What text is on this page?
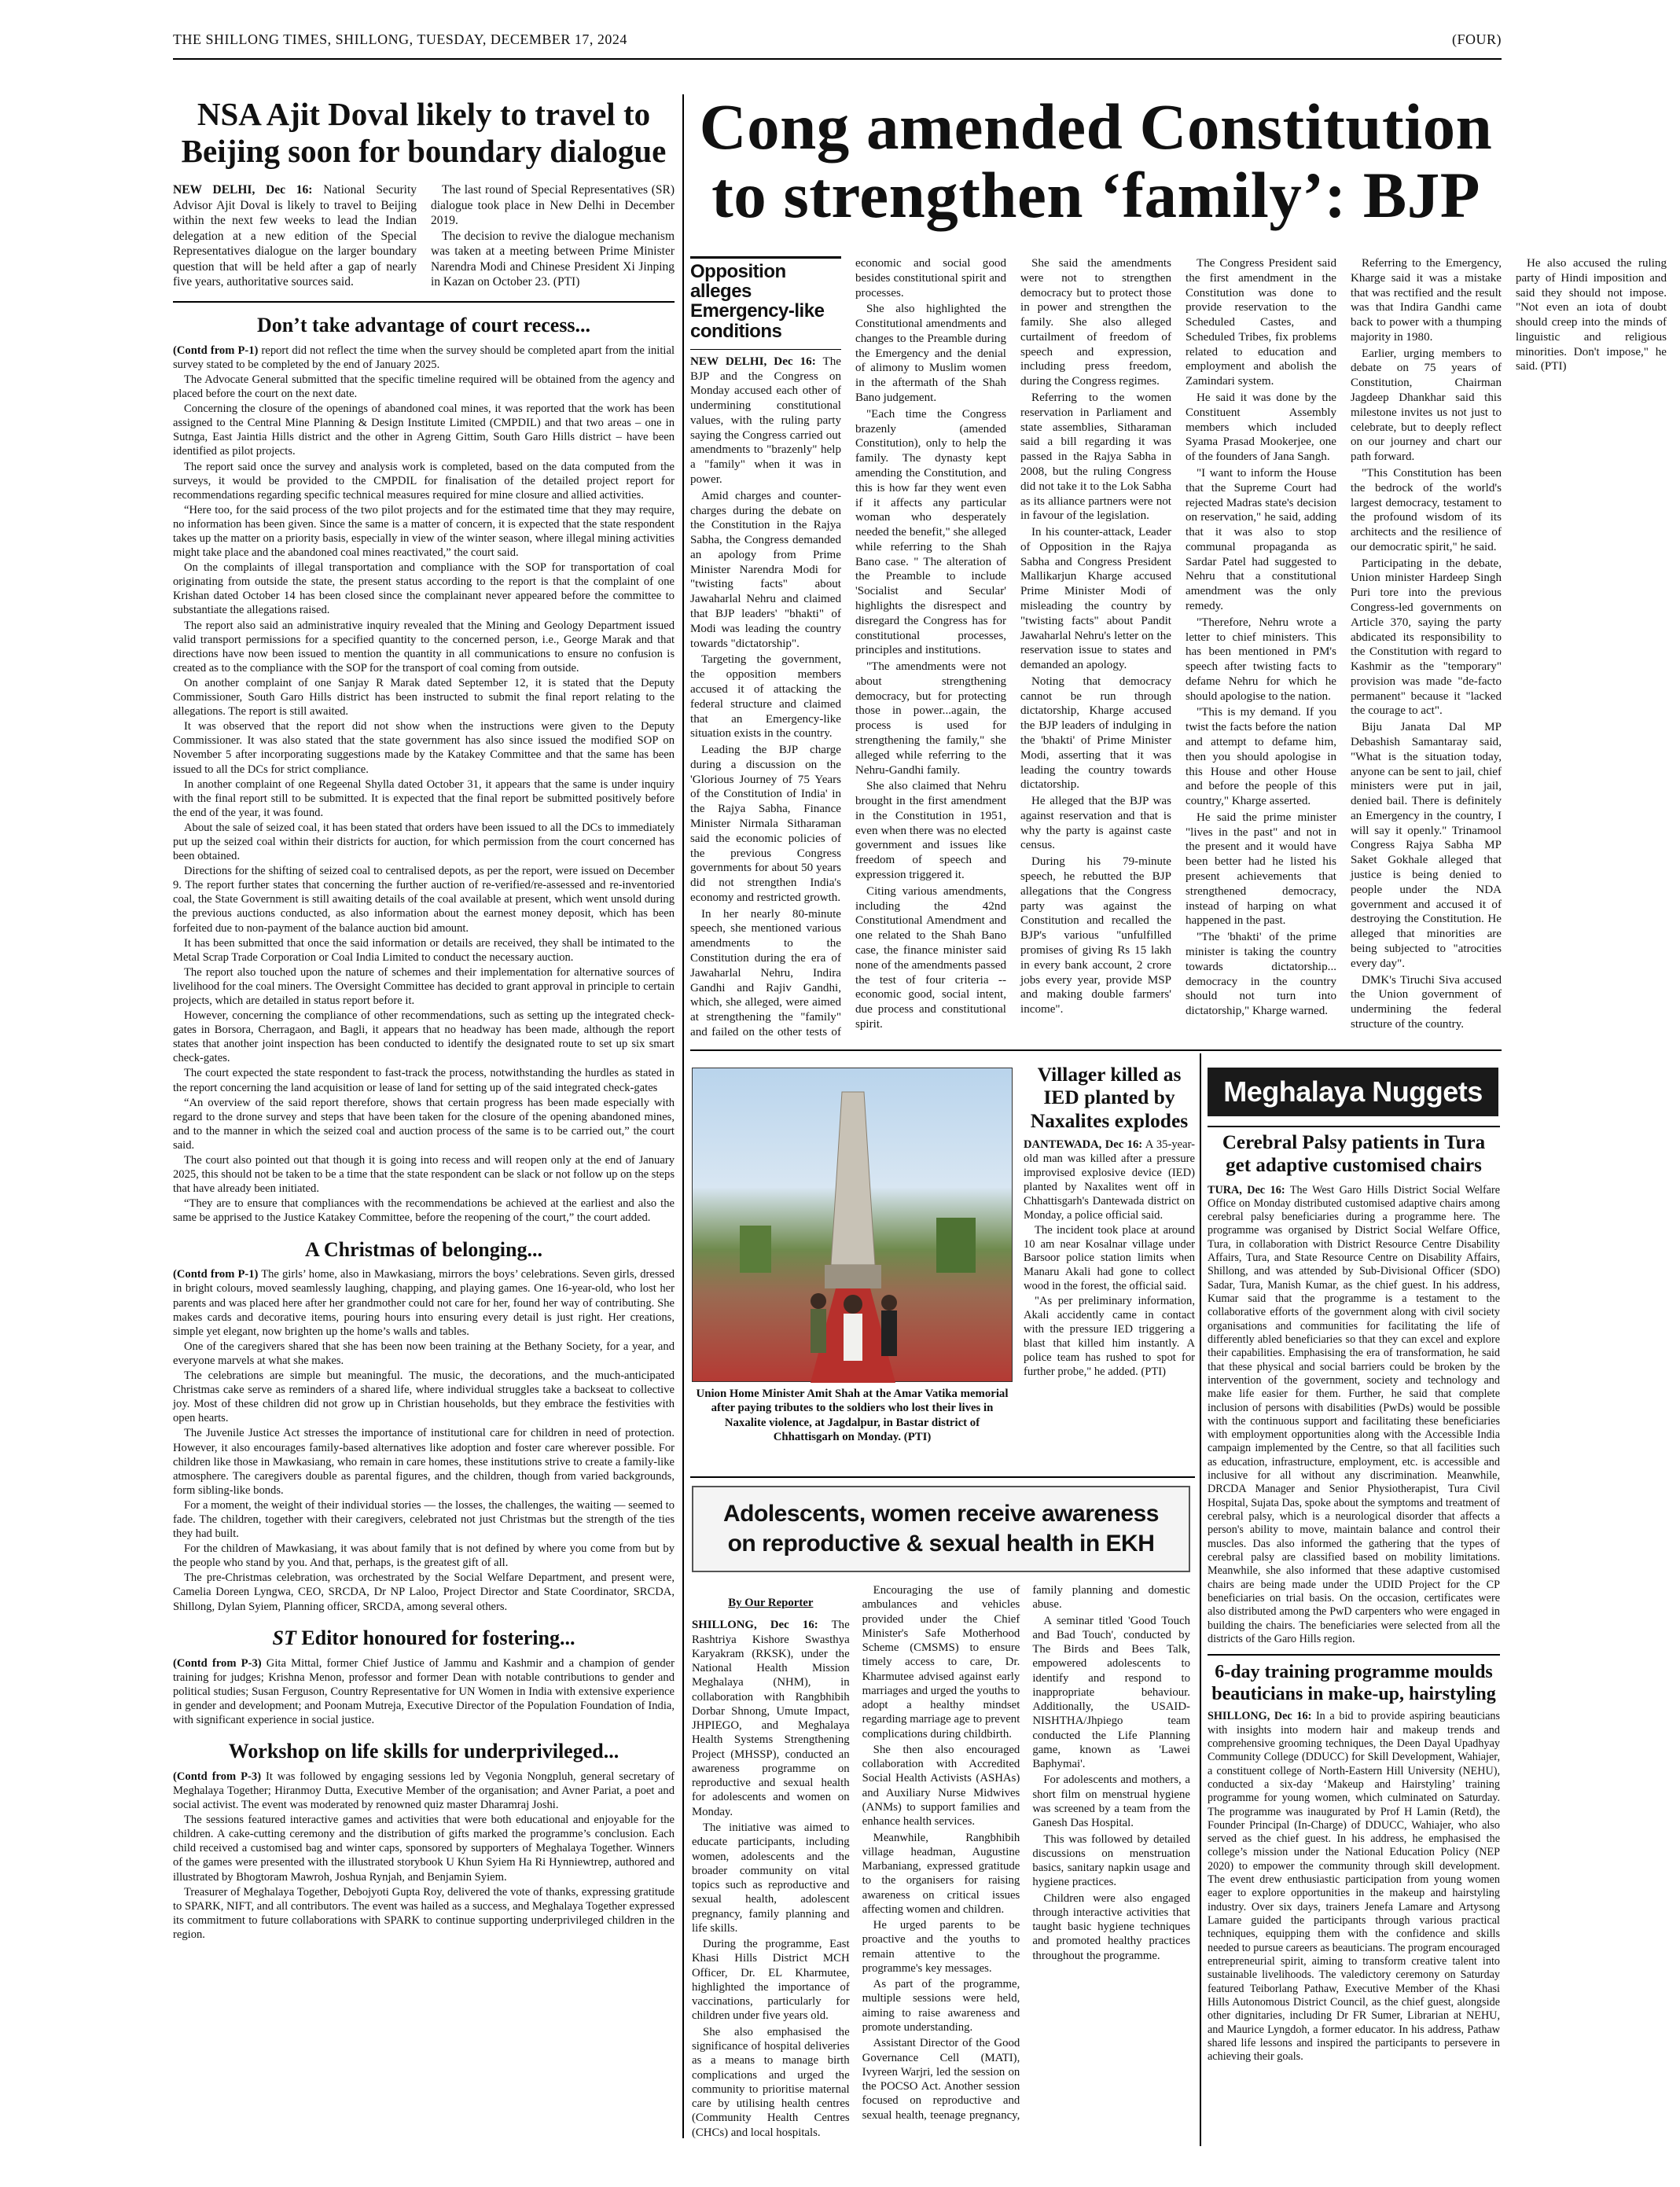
THE SHILLONG TIMES, SHILLONG, TUESDAY, DECEMBER 17, 2024	(FOUR)
NSA Ajit Doval likely to travel to Beijing soon for boundary dialogue

NEW DELHI, Dec 16: National Security Advisor Ajit Doval is likely to travel to Beijing within the next few weeks to lead the Indian delegation at a new edition of the Special Representatives dialogue on the larger boundary question that will be held after a gap of nearly five years, authoritative sources said.

The last round of Special Representatives (SR) dialogue took place in New Delhi in December 2019.

The decision to revive the dialogue mechanism was taken at a meeting between Prime Minister Narendra Modi and Chinese President Xi Jinping in Kazan on October 23. (PTI)

Don’t take advantage of court recess...

(Contd from P-1) report did not reflect the time when the survey should be completed apart from the initial survey stated to be completed by the end of January 2025.

The Advocate General submitted that the specific timeline required will be obtained from the agency and placed before the court on the next date.

Concerning the closure of the openings of abandoned coal mines, it was reported that the work has been assigned to the Central Mine Planning & Design Institute Limited (CMPDIL) and that two areas – one in Sutnga, East Jaintia Hills district and the other in Agreng Gittim, South Garo Hills district – have been identified as pilot projects.

The report said once the survey and analysis work is completed, based on the data computed from the surveys, it would be provided to the CMPDIL for finalisation of the detailed project report for recommendations regarding specific technical measures required for mine closure and allied activities.

“Here too, for the said process of the two pilot projects and for the estimated time that they may require, no information has been given. Since the same is a matter of concern, it is expected that the state respondent takes up the matter on a priority basis, especially in view of the winter season, where illegal mining activities might take place and the abandoned coal mines reactivated,” the court said.

On the complaints of illegal transportation and compliance with the SOP for transportation of coal originating from outside the state, the present status according to the report is that the complaint of one Krishan dated October 14 has been closed since the complainant never appeared before the committee to substantiate the allegations raised.

The report also said an administrative inquiry revealed that the Mining and Geology Department issued valid transport permissions for a specified quantity to the concerned person, i.e., George Marak and that directions have now been issued to mention the quantity in all communications to ensure no confusion is created as to the compliance with the SOP for the transport of coal coming from outside.

On another complaint of one Sanjay R Marak dated September 12, it is stated that the Deputy Commissioner, South Garo Hills district has been instructed to submit the final report relating to the allegations. The report is still awaited.

It was observed that the report did not show when the instructions were given to the Deputy Commissioner. It was also stated that the state government has also since issued the modified SOP on November 5 after incorporating suggestions made by the Katakey Committee and that the same has been issued to all the DCs for strict compliance.

In another complaint of one Regeenal Shylla dated October 31, it appears that the same is under inquiry with the final report still to be submitted. It is expected that the final report be submitted positively before the end of the year, it was found.

About the sale of seized coal, it has been stated that orders have been issued to all the DCs to immediately put up the seized coal within their districts for auction, for which permission from the court concerned has been obtained.

Directions for the shifting of seized coal to centralised depots, as per the report, were issued on December 9. The report further states that concerning the further auction of re-verified/re-assessed and re-inventoried coal, the State Government is still awaiting details of the coal available at present, which went unsold during the previous auctions conducted, as also information about the earnest money deposit, which has been forfeited due to non-payment of the balance auction bid amount.

It has been submitted that once the said information or details are received, they shall be intimated to the Metal Scrap Trade Corporation or Coal India Limited to conduct the necessary auction.

The report also touched upon the nature of schemes and their implementation for alternative sources of livelihood for the coal miners. The Oversight Committee has decided to grant approval in principle to certain projects, which are detailed in status report before it.

However, concerning the compliance of other recommendations, such as setting up the integrated check-gates in Borsora, Cherragaon, and Bagli, it appears that no headway has been made, although the report states that another joint inspection has been conducted to identify the designated route to set up six smart check-gates.

The court expected the state respondent to fast-track the process, notwithstanding the hurdles as stated in the report concerning the land acquisition or lease of land for setting up of the said integrated check-gates

“An overview of the said report therefore, shows that certain progress has been made especially with regard to the drone survey and steps that have been taken for the closure of the opening abandoned mines, and to the manner in which the seized coal and auction process of the same is to be carried out,” the court said.

The court also pointed out that though it is going into recess and will reopen only at the end of January 2025, this should not be taken to be a time that the state respondent can be slack or not follow up on the steps that have already been initiated.

“They are to ensure that compliances with the recommendations be achieved at the earliest and also the same be apprised to the Justice Katakey Committee, before the reopening of the court,” the court added.

A Christmas of belonging...

(Contd from P-1) The girls’ home, also in Mawkasiang, mirrors the boys’ celebrations. Seven girls, dressed in bright colours, moved seamlessly laughing, chapping, and playing games. One 16-year-old, who lost her parents and was placed here after her grandmother could not care for her, found her way of contributing. She makes cards and decorative items, pouring hours into ensuring every detail is just right. Her creations, simple yet elegant, now brighten up the home’s walls and tables.

One of the caregivers shared that she has been now been training at the Bethany Society, for a year, and everyone marvels at what she makes.

The celebrations are simple but meaningful. The music, the decorations, and the much-anticipated Christmas cake serve as reminders of a shared life, where individual struggles take a backseat to collective joy. Most of these children did not grow up in Christian households, but they embrace the festivities with open hearts.

The Juvenile Justice Act stresses the importance of institutional care for children in need of protection. However, it also encourages family-based alternatives like adoption and foster care wherever possible. For children like those in Mawkasiang, who remain in care homes, these institutions strive to create a family-like atmosphere. The caregivers double as parental figures, and the children, though from varied backgrounds, form sibling-like bonds.

For a moment, the weight of their individual stories — the losses, the challenges, the waiting — seemed to fade. The children, together with their caregivers, celebrated not just Christmas but the strength of the ties they had built.

For the children of Mawkasiang, it was about family that is not defined by where you come from but by the people who stand by you. And that, perhaps, is the greatest gift of all.

The pre-Christmas celebration, was orchestrated by the Social Welfare Department, and present were, Camelia Doreen Lyngwa, CEO, SRCDA, Dr NP Laloo, Project Director and State Coordinator, SRCDA, Shillong, Dylan Syiem, Planning officer, SRCDA, among several others.

ST Editor honoured for fostering...

(Contd from P-3) Gita Mittal, former Chief Justice of Jammu and Kashmir and a champion of gender training for judges; Krishna Menon, professor and former Dean with notable contributions to gender and political studies; Susan Ferguson, Country Representative for UN Women in India with extensive experience in gender and development; and Poonam Mutreja, Executive Director of the Population Foundation of India, with significant experience in social justice.

Workshop on life skills for underprivileged...

(Contd from P-3) It was followed by engaging sessions led by Vegonia Nongpluh, general secretary of Meghalaya Together; Hiranmoy Dutta, Executive Member of the organisation; and Avner Pariat, a poet and social activist. The event was moderated by renowned quiz master Dharamraj Joshi.

The sessions featured interactive games and activities that were both educational and enjoyable for the children. A cake-cutting ceremony and the distribution of gifts marked the programme’s conclusion. Each child received a customised bag and winter caps, sponsored by supporters of Meghalaya Together. Winners of the games were presented with the illustrated storybook U Khun Syiem Ha Ri Hynniewtrep, authored and illustrated by Bhogtoram Mawroh, Joshua Rynjah, and Benjamin Syiem.

Treasurer of Meghalaya Together, Debojyoti Gupta Roy, delivered the vote of thanks, expressing gratitude to SPARK, NIFT, and all contributors. The event was hailed as a success, and Meghalaya Together expressed its commitment to future collaborations with SPARK to continue supporting underprivileged children in the region.

Cong amended Constitution
to strengthen ‘family’: BJP
Opposition alleges Emergency-like conditions

NEW DELHI, Dec 16: The BJP and the Congress on Monday accused each other of undermining constitutional values, with the ruling party saying the Congress carried out amendments to "brazenly" help a "family" when it was in power.

Amid charges and counter-charges during the debate on the Constitution in the Rajya Sabha, the Congress demanded an apology from Prime Minister Narendra Modi for "twisting facts" about Jawaharlal Nehru and claimed that BJP leaders' "bhakti" of Modi was leading the country towards "dictatorship".

Targeting the government, the opposition members accused it of attacking the federal structure and claimed that an Emergency-like situation exists in the country.

Leading the BJP charge during a discussion on the 'Glorious Journey of 75 Years of the Constitution of India' in the Rajya Sabha, Finance Minister Nirmala Sitharaman said the economic policies of the previous Congress governments for about 50 years did not strengthen India's economy and restricted growth.

In her nearly 80-minute speech, she mentioned various amendments to the Constitution during the era of Jawaharlal Nehru, Indira Gandhi and Rajiv Gandhi, which, she alleged, were aimed at strengthening the "family" and failed on the other tests of economic and social good besides constitutional spirit and processes.

She also highlighted the Constitutional amendments and changes to the Preamble during the Emergency and the denial of alimony to Muslim women in the aftermath of the Shah Bano judgement.

"Each time the Congress brazenly (amended Constitution), only to help the family. The dynasty kept amending the Constitution, and this is how far they went even if it affects any particular woman who desperately needed the benefit," she alleged while referring to the Shah Bano case. " The alteration of the Preamble to include 'Socialist and Secular' highlights the disrespect and disregard the Congress has for constitutional processes, principles and institutions.

"The amendments were not about strengthening democracy, but for protecting those in power...again, the process is used for strengthening the family," she alleged while referring to the Nehru-Gandhi family.

She also claimed that Nehru brought in the first amendment in the Constitution in 1951, even when there was no elected government and issues like freedom of speech and expression triggered it.

Citing various amendments, including the 42nd Constitutional Amendment and one related to the Shah Bano case, the finance minister said none of the amendments passed the test of four criteria -- economic good, social intent, due process and constitutional spirit.

She said the amendments were not to strengthen democracy but to protect those in power and strengthen the family. She also alleged curtailment of freedom of speech and expression, including press freedom, during the Congress regimes.

Referring to the women reservation in Parliament and state assemblies, Sitharaman said a bill regarding it was passed in the Rajya Sabha in 2008, but the ruling Congress did not take it to the Lok Sabha as its alliance partners were not in favour of the legislation.

In his counter-attack, Leader of Opposition in the Rajya Sabha and Congress President Mallikarjun Kharge accused Prime Minister Modi of misleading the country by "twisting facts" about Pandit Jawaharlal Nehru's letter on the reservation issue to states and demanded an apology.

Noting that democracy cannot be run through dictatorship, Kharge accused the BJP leaders of indulging in the 'bhakti' of Prime Minister Modi, asserting that it was leading the country towards dictatorship.

He alleged that the BJP was against reservation and that is why the party is against caste census.

During his 79-minute speech, he rebutted the BJP allegations that the Congress party was against the Constitution and recalled the BJP's various "unfulfilled promises of giving Rs 15 lakh in every bank account, 2 crore jobs every year, provide MSP and making double farmers' income".

The Congress President said the first amendment in the Constitution was done to provide reservation to the Scheduled Castes, and Scheduled Tribes, fix problems related to education and employment and abolish the Zamindari system.

He said it was done by the Constituent Assembly members which included Syama Prasad Mookerjee, one of the founders of Jana Sangh.

"I want to inform the House that the Supreme Court had rejected Madras state's decision on reservation," he said, adding that it was also to stop communal propaganda as Sardar Patel had suggested to Nehru that a constitutional amendment was the only remedy.

"Therefore, Nehru wrote a letter to chief ministers. This has been mentioned in PM's speech after twisting facts to defame Nehru for which he should apologise to the nation.

"This is my demand. If you twist the facts before the nation and attempt to defame him, then you should apologise in this House and other House and before the people of this country," Kharge asserted.

He said the prime minister "lives in the past" and not in the present and it would have been better had he listed his present achievements that strengthened democracy, instead of harping on what happened in the past.

"The 'bhakti' of the prime minister is taking the country towards dictatorship... democracy in the country should not turn into dictatorship," Kharge warned.

Referring to the Emergency, Kharge said it was a mistake that was rectified and the result was that Indira Gandhi came back to power with a thumping majority in 1980.

Earlier, urging members to debate on 75 years of Constitution, Chairman Jagdeep Dhankhar said this milestone invites us not just to celebrate, but to deeply reflect on our journey and chart our path forward.

"This Constitution has been the bedrock of the world's largest democracy, testament to the profound wisdom of its architects and the resilience of our democratic spirit," he said.

Participating in the debate, Union minister Hardeep Singh Puri tore into the previous Congress-led governments on Article 370, saying the party abdicated its responsibility to the Constitution with regard to Kashmir as the "temporary" provision was made "de-facto permanent" because it "lacked the courage to act".

Biju Janata Dal MP Debashish Samantaray said, "What is the situation today, anyone can be sent to jail, chief ministers were put in jail, denied bail. There is definitely an Emergency in the country, I will say it openly." Trinamool Congress Rajya Sabha MP Saket Gokhale alleged that justice is being denied to people under the NDA government and accused it of destroying the Constitution. He alleged that minorities are being subjected to "atrocities every day".

DMK's Tiruchi Siva accused the Union government of undermining the federal structure of the country.

He also accused the ruling party of Hindi imposition and said they should not impose. "Not even an iota of doubt should creep into the minds of linguistic and religious minorities. Don't impose," he said. (PTI)

Union Home Minister Amit Shah at the Amar Vatika memorial after paying tributes to the soldiers who lost their lives in Naxalite violence, at Jagdalpur, in Bastar district of Chhattisgarh on Monday. (PTI)
Villager killed as IED planted by Naxalites explodes

DANTEWADA, Dec 16: A 35-year-old man was killed after a pressure improvised explosive device (IED) planted by Naxalites went off in Chhattisgarh's Dantewada district on Monday, a police official said.

The incident took place at around 10 am near Kosalnar village under Barsoor police station limits when Manaru Akali had gone to collect wood in the forest, the official said.

"As per preliminary information, Akali accidently came in contact with the pressure IED triggering a blast that killed him instantly. A police team has rushed to spot for further probe," he added. (PTI)

Adolescents, women receive awareness
on reproductive & sexual health in EKH
By Our Reporter

SHILLONG, Dec 16: The Rashtriya Kishore Swasthya Karyakram (RKSK), under the National Health Mission Meghalaya (NHM), in collaboration with Rangbhibih Dorbar Shnong, Umute Impact, JHPIEGO, and Meghalaya Health Systems Strengthening Project (MHSSP), conducted an awareness programme on reproductive and sexual health for adolescents and women on Monday.

The initiative was aimed to educate participants, including women, adolescents and the broader community on vital topics such as reproductive and sexual health, adolescent pregnancy, family planning and life skills.

During the programme, East Khasi Hills District MCH Officer, Dr. EL Kharmutee, highlighted the importance of vaccinations, particularly for children under five years old.

She also emphasised the significance of hospital deliveries as a means to manage birth complications and urged the community to prioritise maternal care by utilising health centres (Community Health Centres (CHCs) and local hospitals.

Encouraging the use of ambulances and vehicles provided under the Chief Minister's Safe Motherhood Scheme (CMSMS) to ensure timely access to care, Dr. Kharmutee advised against early marriages and urged the youths to adopt a healthy mindset regarding marriage age to prevent complications during childbirth.

She then also encouraged collaboration with Accredited Social Health Activists (ASHAs) and Auxiliary Nurse Midwives (ANMs) to support families and enhance health services.

Meanwhile, Rangbhibih village headman, Augustine Marbaniang, expressed gratitude to the organisers for raising awareness on critical issues affecting women and children.

He urged parents to be proactive and the youths to remain attentive to the programme's key messages.

As part of the programme, multiple sessions were held, aiming to raise awareness and promote understanding.

Assistant Director of the Good Governance Cell (MATI), Ivyreen Warjri, led the session on the POCSO Act. Another session focused on reproductive and sexual health, teenage pregnancy, family planning and domestic abuse.

A seminar titled 'Good Touch and Bad Touch', conducted by The Birds and Bees Talk, empowered adolescents to identify and respond to inappropriate behaviour. Additionally, the USAID-NISHTHA/Jhpiego team conducted the Life Planning game, known as 'Lawei Baphymai'.

For adolescents and mothers, a short film on menstrual hygiene was screened by a team from the Ganesh Das Hospital.

This was followed by detailed discussions on menstruation basics, sanitary napkin usage and hygiene practices.

Children were also engaged through interactive activities that taught basic hygiene techniques and promoted healthy practices throughout the programme.

Meghalaya Nuggets
Cerebral Palsy patients in Tura get adaptive customised chairs

TURA, Dec 16: The West Garo Hills District Social Welfare Office on Monday distributed customised adaptive chairs among cerebral palsy beneficiaries during a programme here. The programme was organised by District Social Welfare Office, Tura, in collaboration with District Resource Centre Disability Affairs, Tura, and State Resource Centre on Disability Affairs, Shillong, and was attended by Sub-Divisional Officer (SDO) Sadar, Tura, Manish Kumar, as the chief guest. In his address, Kumar said that the programme is a testament to the collaborative efforts of the government along with civil society organisations and communities for facilitating the life of differently abled beneficiaries so that they can excel and explore their capabilities. Emphasising the era of transformation, he said that these physical and social barriers could be broken by the intervention of the government, society and technology and make life easier for them. Further, he said that complete inclusion of persons with disabilities (PwDs) would be possible with the continuous support and facilitating these beneficiaries with employment opportunities along with the Accessible India campaign implemented by the Centre, so that all facilities such as education, infrastructure, employment, etc. is accessible and inclusive for all without any discrimination. Meanwhile, DRCDA Manager and Senior Physiotherapist, Tura Civil Hospital, Sujata Das, spoke about the symptoms and treatment of cerebral palsy, which is a neurological disorder that affects a person's ability to move, maintain balance and control their muscles. Das also informed the gathering that the types of cerebral palsy are classified based on mobility limitations. Meanwhile, she also informed that these adaptive customised chairs are being made under the UDID Project for the CP beneficiaries on trial basis. On the occasion, certificates were also distributed among the PwD carpenters who were engaged in building the chairs. The beneficiaries were selected from all the districts of the Garo Hills region.

6-day training programme moulds beauticians in make-up, hairstyling

SHILLONG, Dec 16: In a bid to provide aspiring beauticians with insights into modern hair and makeup trends and comprehensive grooming techniques, the Deen Dayal Upadhyay Community College (DDUCC) for Skill Development, Wahiajer, a constituent college of North-Eastern Hill University (NEHU), conducted a six-day ‘Makeup and Hairstyling’ training programme for young women, which culminated on Saturday. The programme was inaugurated by Prof H Lamin (Retd), the Founder Principal (In-Charge) of DDUCC, Wahiajer, who also served as the chief guest. In his address, he emphasised the college’s mission under the National Education Policy (NEP 2020) to empower the community through skill development. The event drew enthusiastic participation from young women eager to explore opportunities in the makeup and hairstyling industry. Over six days, trainers Jenefa Lamare and Artysong Lamare guided the participants through various practical techniques, equipping them with the confidence and skills needed to pursue careers as beauticians. The program encouraged entrepreneurial spirit, aiming to transform creative talent into sustainable livelihoods. The valedictory ceremony on Saturday featured Teiborlang Pathaw, Executive Member of the Khasi Hills Autonomous District Council, as the chief guest, alongside other dignitaries, including Dr FR Sumer, Librarian at NEHU, and Maurice Lyngdoh, a former educator. In his address, Pathaw shared life lessons and inspired the participants to persevere in achieving their goals.
